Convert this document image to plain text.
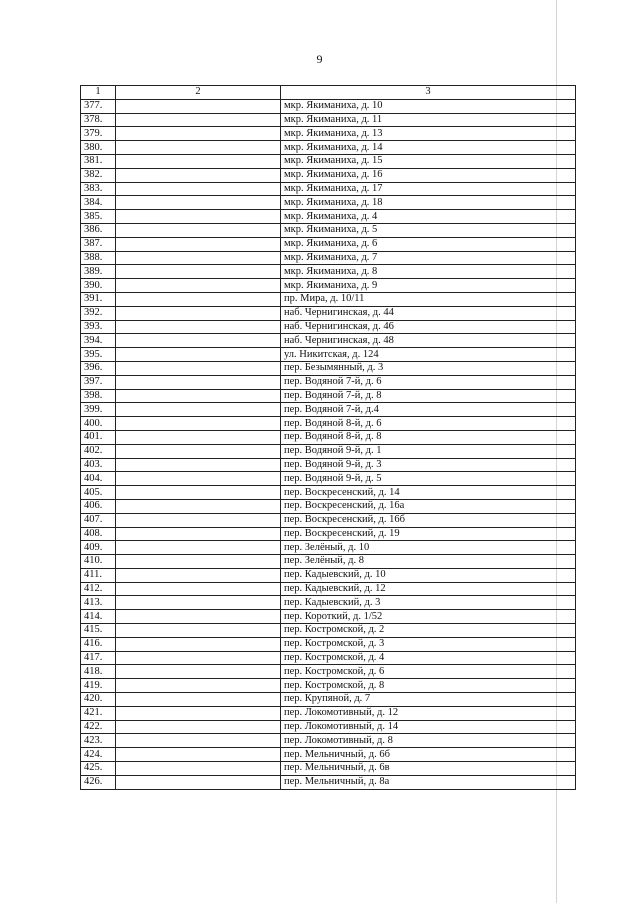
9
1	2	3
377.		мкр. Якиманиха, д. 10
378.		мкр. Якиманиха, д. 11
379.		мкр. Якиманиха, д. 13
380.		мкр. Якиманиха, д. 14
381.		мкр. Якиманиха, д. 15
382.		мкр. Якиманиха, д. 16
383.		мкр. Якиманиха, д. 17
384.		мкр. Якиманиха, д. 18
385.		мкр. Якиманиха, д. 4
386.		мкр. Якиманиха, д. 5
387.		мкр. Якиманиха, д. 6
388.		мкр. Якиманиха, д. 7
389.		мкр. Якиманиха, д. 8
390.		мкр. Якиманиха, д. 9
391.		пр. Мира, д. 10/11
392.		наб. Чернигинская, д. 44
393.		наб. Чернигинская, д. 46
394.		наб. Чернигинская, д. 48
395.		ул. Никитская, д. 124
396.		пер. Безымянный, д. 3
397.		пер. Водяной 7-й, д. 6
398.		пер. Водяной 7-й, д. 8
399.		пер. Водяной 7-й, д.4
400.		пер. Водяной 8-й, д. 6
401.		пер. Водяной 8-й, д. 8
402.		пер. Водяной 9-й, д. 1
403.		пер. Водяной 9-й, д. 3
404.		пер. Водяной 9-й, д. 5
405.		пер. Воскресенский, д. 14
406.		пер. Воскресенский, д. 16а
407.		пер. Воскресенский, д. 16б
408.		пер. Воскресенский, д. 19
409.		пер. Зелёный, д. 10
410.		пер. Зелёный, д. 8
411.		пер. Кадыевский, д. 10
412.		пер. Кадыевский, д. 12
413.		пер. Кадыевский, д. 3
414.		пер. Короткий, д. 1/52
415.		пер. Костромской, д. 2
416.		пер. Костромской, д. 3
417.		пер. Костромской, д. 4
418.		пер. Костромской, д. 6
419.		пер. Костромской, д. 8
420.		пер. Крупяной, д. 7
421.		пер. Локомотивный, д. 12
422.		пер. Локомотивный, д. 14
423.		пер. Локомотивный, д. 8
424.		пер. Мельничный, д. 6б
425.		пер. Мельничный, д. 6в
426.		пер. Мельничный, д. 8а
